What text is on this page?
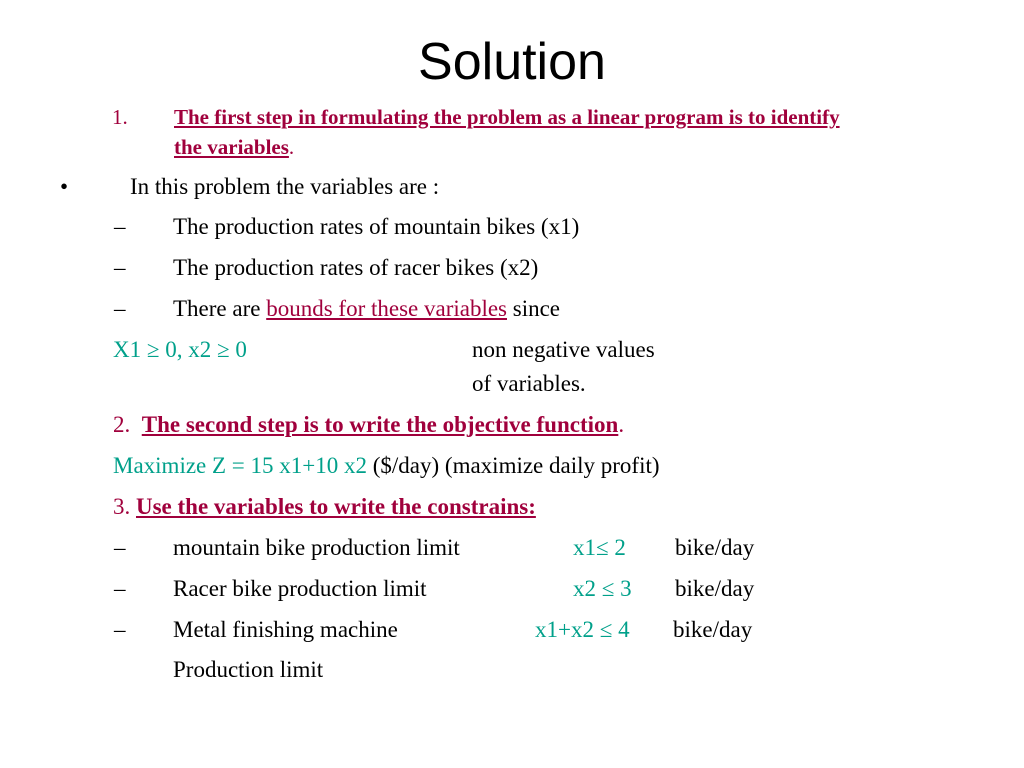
Solution
1. The first step in formulating the problem as a linear program is to identify
the variables.
•	In this problem the variables are :
– The production rates of mountain bikes (x1)
– The production rates of racer bikes (x2)
– There are bounds for these variables since
X1 ≥ 0, x2 ≥ 0	non negative values
of variables.
2. The second step is to write the objective function.
Maximize Z = 15 x1+10 x2 ($/day) (maximize daily profit)
3. Use the variables to write the constrains:
– mountain bike production limit	x1≤ 2 bike/day
– Racer bike production limit	x2 ≤ 3 bike/day
– Metal finishing machine	x1+x2 ≤ 4 bike/day
Production limit
